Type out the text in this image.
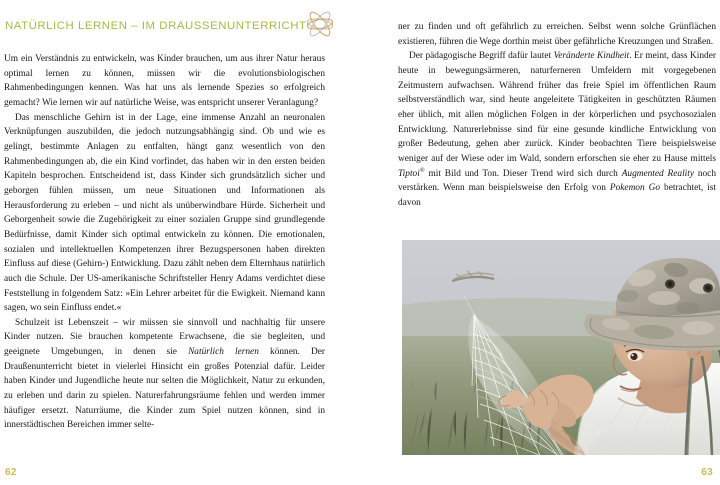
NATÜRLICH LERNEN – IM DRAUSSENUNTERRICHT

Um ein Verständnis zu entwickeln, was Kinder brauchen, um aus ihrer Natur heraus optimal lernen zu können, müssen wir die evolutionsbiologischen Rahmenbedingungen kennen. Was hat uns als lernende Spezies so erfolgreich gemacht? Wie lernen wir auf natürliche Weise, was entspricht unserer Veranlagung?

Das menschliche Gehirn ist in der Lage, eine immense Anzahl an neuronalen Verknüpfungen auszubilden, die jedoch nutzungsabhängig sind. Ob und wie es gelingt, bestimmte Anlagen zu entfalten, hängt ganz wesentlich von den Rahmenbedingungen ab, die ein Kind vorfindet, das haben wir in den ersten beiden Kapiteln besprochen. Entscheidend ist, dass Kinder sich grundsätzlich sicher und geborgen fühlen müssen, um neue Situationen und Informationen als Herausforderung zu erleben – und nicht als unüberwindbare Hürde. Sicherheit und Geborgenheit sowie die Zugehörigkeit zu einer sozialen Gruppe sind grundlegende Bedürfnisse, damit Kinder sich optimal entwickeln zu können. Die emotionalen, sozialen und intellektuellen Kompetenzen ihrer Bezugspersonen haben direkten Einfluss auf diese (Gehirn-) Entwicklung. Dazu zählt neben dem Elternhaus natürlich auch die Schule. Der US-amerikanische Schriftsteller Henry Adams verdichtet diese Feststellung in folgendem Satz: »Ein Lehrer arbeitet für die Ewigkeit. Niemand kann sagen, wo sein Einfluss endet.«

Schulzeit ist Lebenszeit – wir müssen sie sinnvoll und nachhaltig für unsere Kinder nutzen. Sie brauchen kompetente Erwachsene, die sie begleiten, und geeignete Umgebungen, in denen sie Natürlich lernen können. Der Draußenunterricht bietet in vielerlei Hinsicht ein großes Potenzial dafür. Leider haben Kinder und Jugendliche heute nur selten die Möglichkeit, Natur zu erkunden, zu erleben und darin zu spielen. Naturerfahrungsräume fehlen und werden immer häufiger ersetzt. Naturräume, die Kinder zum Spiel nutzen können, sind in innerstädtischen Bereichen immer selte-

ner zu finden und oft gefährlich zu erreichen. Selbst wenn solche Grünflächen existieren, führen die Wege dorthin meist über gefährliche Kreuzungen und Straßen.

Der pädagogische Begriff dafür lautet Veränderte Kindheit. Er meint, dass Kinder heute in bewegungsärmeren, naturferneren Umfeldern mit vorgegebenen Zeitmustern aufwachsen. Während früher das freie Spiel im öffentlichen Raum selbstverständlich war, sind heute angeleitete Tätigkeiten in geschützten Räumen eher üblich, mit allen möglichen Folgen in der körperlichen und psychosozialen Entwicklung. Naturerlebnisse sind für eine gesunde kindliche Entwicklung von großer Bedeutung, gehen aber zurück. Kinder beobachten Tiere beispielsweise weniger auf der Wiese oder im Wald, sondern erforschen sie eher zu Hause mittels Tiptoi® mit Bild und Ton. Dieser Trend wird sich durch Augmented Reality noch verstärken. Wenn man beispielsweise den Erfolg von Pokemon Go betrachtet, ist davon

62	63
